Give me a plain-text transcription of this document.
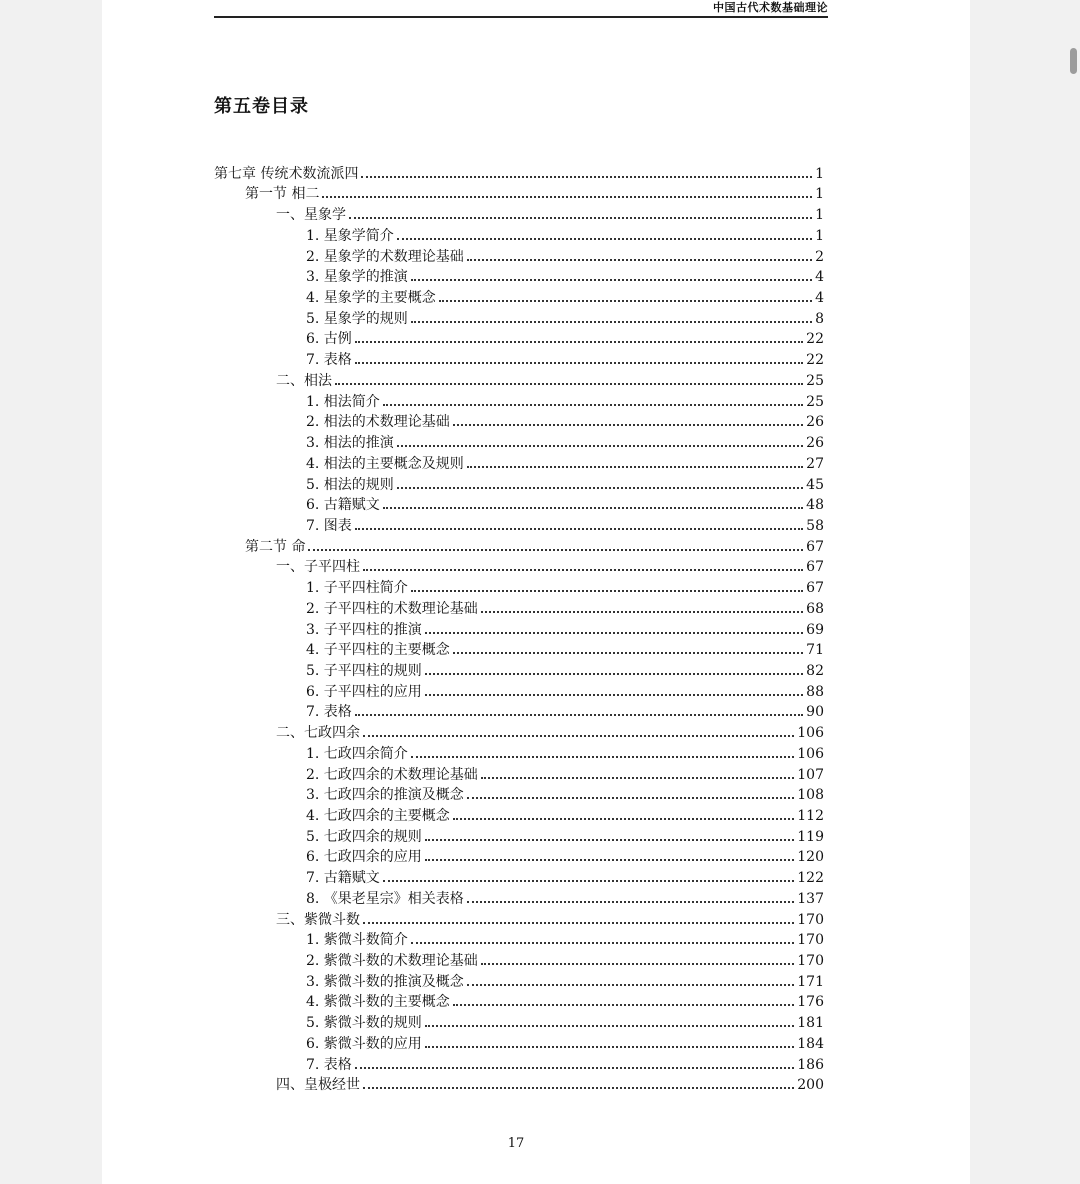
中国古代术数基础理论
第五卷目录
第七章 传统术数流派四	1
第一节 相二	1
一、星象学	1
1. 星象学简介	1
2. 星象学的术数理论基础	2
3. 星象学的推演	4
4. 星象学的主要概念	4
5. 星象学的规则	8
6. 古例	22
7. 表格	22
二、相法	25
1. 相法简介	25
2. 相法的术数理论基础	26
3. 相法的推演	26
4. 相法的主要概念及规则	27
5. 相法的规则	45
6. 古籍赋文	48
7. 图表	58
第二节 命	67
一、子平四柱	67
1. 子平四柱简介	67
2. 子平四柱的术数理论基础	68
3. 子平四柱的推演	69
4. 子平四柱的主要概念	71
5. 子平四柱的规则	82
6. 子平四柱的应用	88
7. 表格	90
二、七政四余	106
1. 七政四余简介	106
2. 七政四余的术数理论基础	107
3. 七政四余的推演及概念	108
4. 七政四余的主要概念	112
5. 七政四余的规则	119
6. 七政四余的应用	120
7. 古籍赋文	122
8. 《果老星宗》相关表格	137
三、紫微斗数	170
1. 紫微斗数简介	170
2. 紫微斗数的术数理论基础	170
3. 紫微斗数的推演及概念	171
4. 紫微斗数的主要概念	176
5. 紫微斗数的规则	181
6. 紫微斗数的应用	184
7. 表格	186
四、皇极经世	200
17
